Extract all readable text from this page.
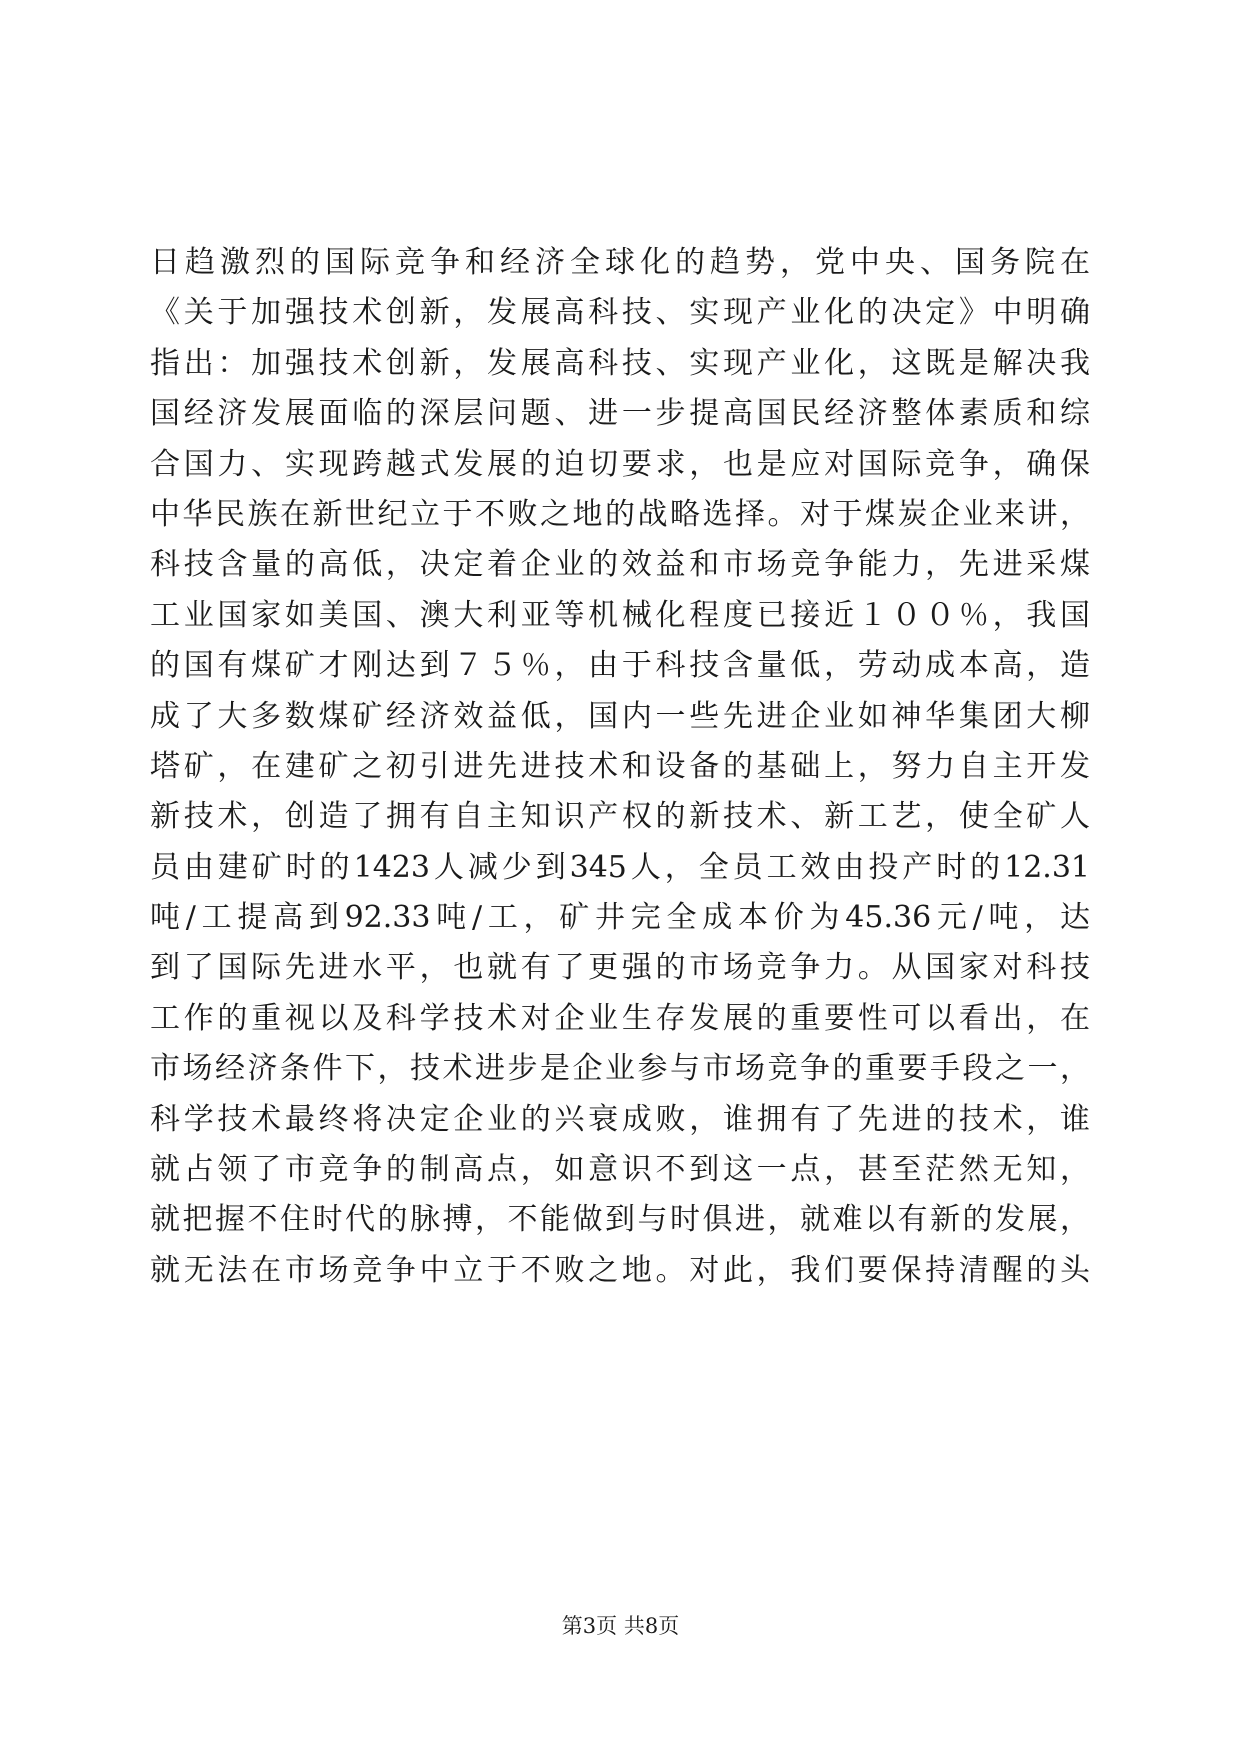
日趋激烈的国际竞争和经济全球化的趋势，党中央、国务院在
《关于加强技术创新，发展高科技、实现产业化的决定》中明确
指出：加强技术创新，发展高科技、实现产业化，这既是解决我
国经济发展面临的深层问题、进一步提高国民经济整体素质和综
合国力、实现跨越式发展的迫切要求，也是应对国际竞争，确保
中华民族在新世纪立于不败之地的战略选择。对于煤炭企业来讲，
科技含量的高低，决定着企业的效益和市场竞争能力，先进采煤
工业国家如美国、澳大利亚等机械化程度已接近１００％，我国
的国有煤矿才刚达到７５％，由于科技含量低，劳动成本高，造
成了大多数煤矿经济效益低，国内一些先进企业如神华集团大柳
塔矿，在建矿之初引进先进技术和设备的基础上，努力自主开发
新技术，创造了拥有自主知识产权的新技术、新工艺，使全矿人
员由建矿时的1423人减少到345人，全员工效由投产时的12.31
吨/工提高到92.33吨/工，矿井完全成本价为45.36元/吨，达
到了国际先进水平，也就有了更强的市场竞争力。从国家对科技
工作的重视以及科学技术对企业生存发展的重要性可以看出，在
市场经济条件下，技术进步是企业参与市场竞争的重要手段之一，
科学技术最终将决定企业的兴衰成败，谁拥有了先进的技术，谁
就占领了市竞争的制高点，如意识不到这一点，甚至茫然无知，
就把握不住时代的脉搏，不能做到与时俱进，就难以有新的发展，
就无法在市场竞争中立于不败之地。对此，我们要保持清醒的头
第3页 共8页
